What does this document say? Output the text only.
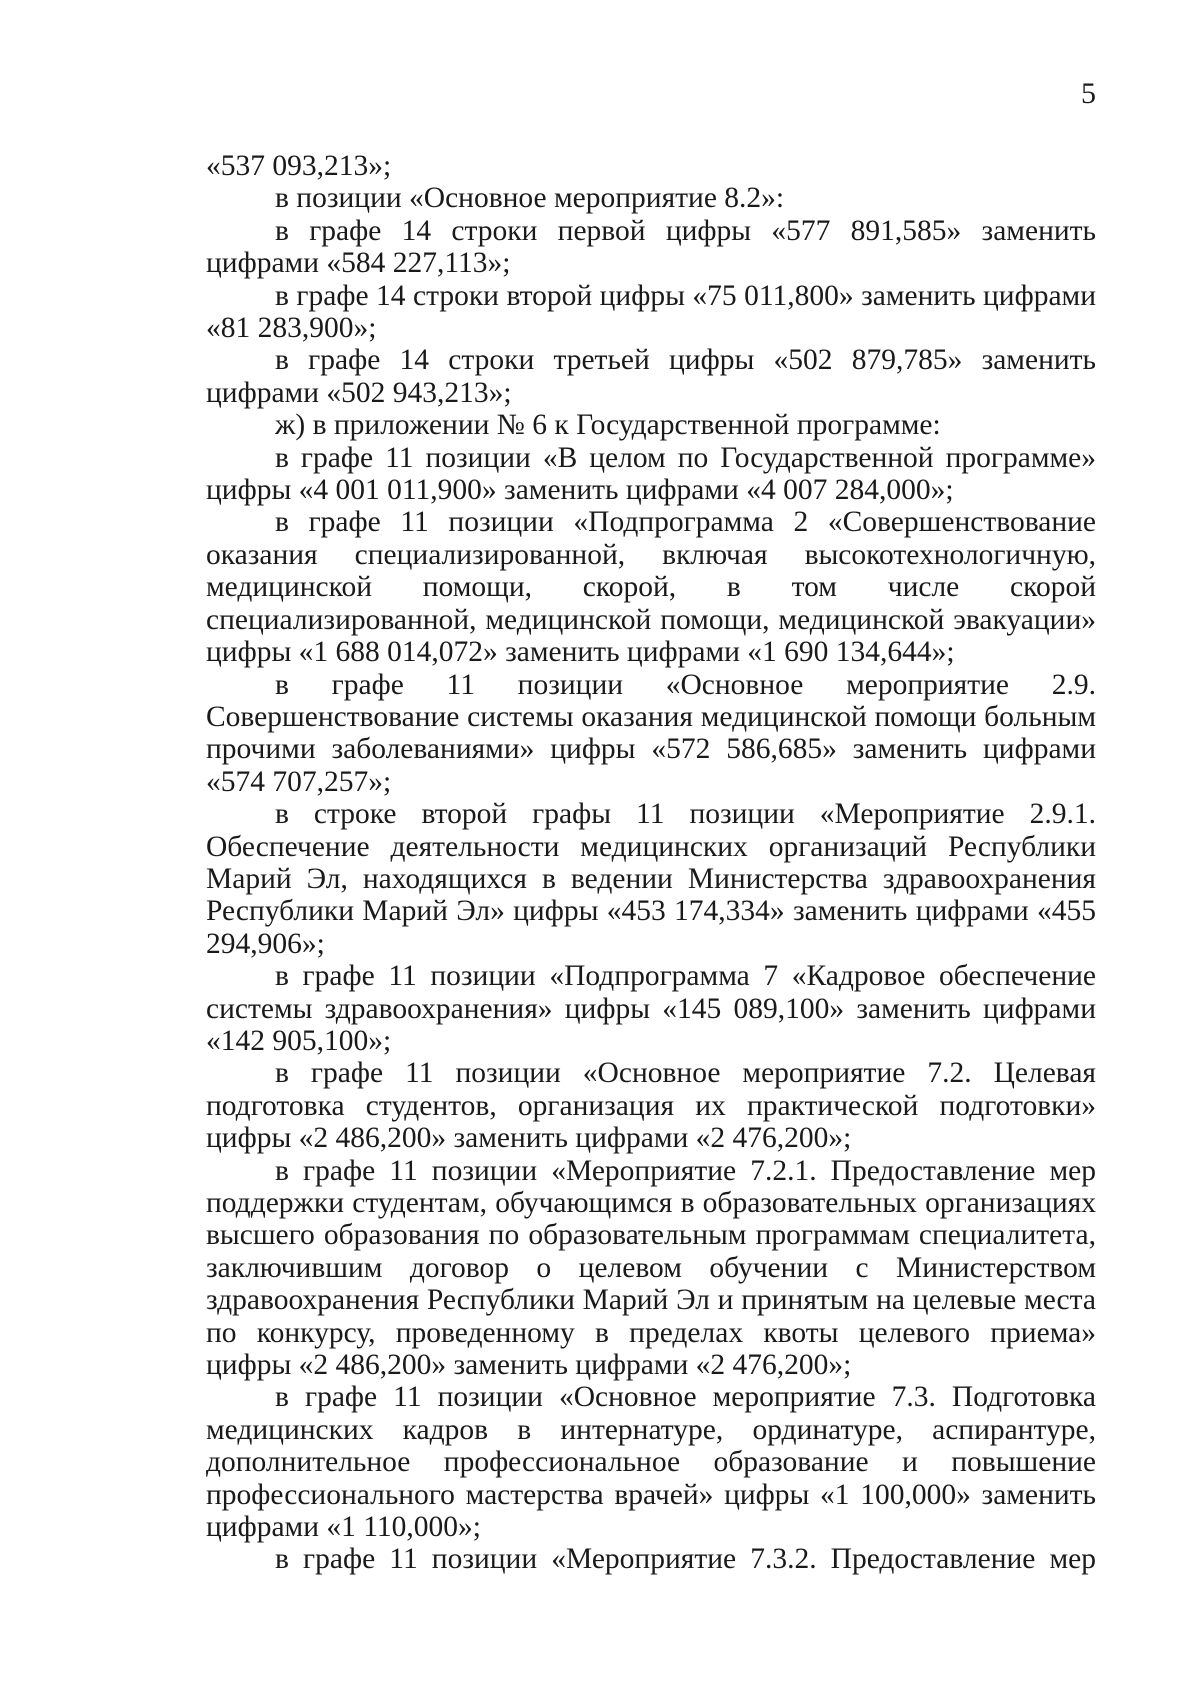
5

«537 093,213»;

в позиции «Основное мероприятие 8.2»:

в графе 14 строки первой цифры «577 891,585» заменить цифрами «584 227,113»;

в графе 14 строки второй цифры «75 011,800» заменить цифрами «81 283,900»;

в графе 14 строки третьей цифры «502 879,785» заменить цифрами «502 943,213»;

ж) в приложении № 6 к Государственной программе:

в графе 11 позиции «В целом по Государственной программе» цифры «4 001 011,900» заменить цифрами «4 007 284,000»;

в графе 11 позиции «Подпрограмма 2 «Совершенствование оказания специализированной, включая высокотехнологичную, медицинской помощи, скорой, в том числе скорой специализированной, медицинской помощи, медицинской эвакуации» цифры «1 688 014,072» заменить цифрами «1 690 134,644»;

в графе 11 позиции «Основное мероприятие 2.9. Совершенствование системы оказания медицинской помощи больным прочими заболеваниями» цифры «572 586,685» заменить цифрами «574 707,257»;

в строке второй графы 11 позиции «Мероприятие 2.9.1. Обеспечение деятельности медицинских организаций Республики Марий Эл, находящихся в ведении Министерства здравоохранения Республики Марий Эл» цифры «453 174,334» заменить цифрами «455 294,906»;

в графе 11 позиции «Подпрограмма 7 «Кадровое обеспечение системы здравоохранения» цифры «145 089,100» заменить цифрами «142 905,100»;

в графе 11 позиции «Основное мероприятие 7.2. Целевая подготовка студентов, организация их практической подготовки» цифры «2 486,200» заменить цифрами «2 476,200»;

в графе 11 позиции «Мероприятие 7.2.1. Предоставление мер поддержки студентам, обучающимся в образовательных организациях высшего образования по образовательным программам специалитета, заключившим договор о целевом обучении с Министерством здравоохранения Республики Марий Эл и принятым на целевые места по конкурсу, проведенному в пределах квоты целевого приема» цифры «2 486,200» заменить цифрами «2 476,200»;

в графе 11 позиции «Основное мероприятие 7.3. Подготовка медицинских кадров в интернатуре, ординатуре, аспирантуре, дополнительное профессиональное образование и повышение профессионального мастерства врачей» цифры «1 100,000» заменить цифрами «1 110,000»;

в графе 11 позиции «Мероприятие 7.3.2. Предоставление мер
